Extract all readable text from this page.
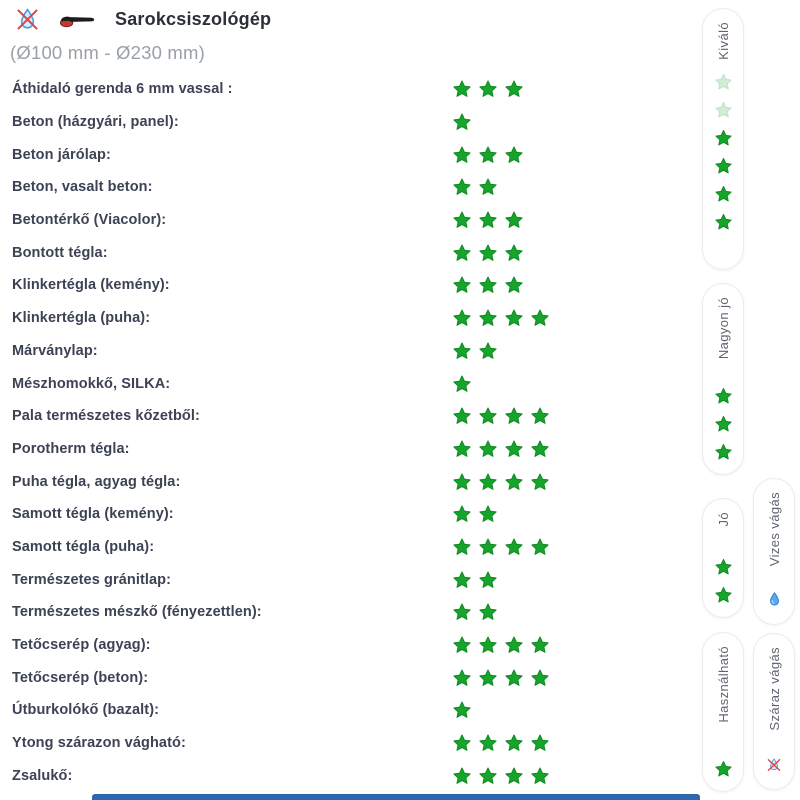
Sarokcsiszológép
(Ø100 mm - Ø230 mm)
Áthidaló gerenda 6 mm vassal :
Beton (házgyári, panel):
Beton járólap:
Beton, vasalt beton:
Betontérkő (Viacolor):
Bontott tégla:
Klinkertégla (kemény):
Klinkertégla (puha):
Márványlap:
Mészhomokkő, SILKA:
Pala természetes kőzetből:
Porotherm tégla:
Puha tégla, agyag tégla:
Samott tégla (kemény):
Samott tégla (puha):
Természetes gránitlap:
Természetes mészkő (fényezettlen):
Tetőcserép (agyag):
Tetőcserép (beton):
Útburkolókő (bazalt):
Ytong szárazon vágható:
Zsalukő:
Kiváló
Nagyon jó
Jó
Használható
Vizes vágás
Száraz vágás
